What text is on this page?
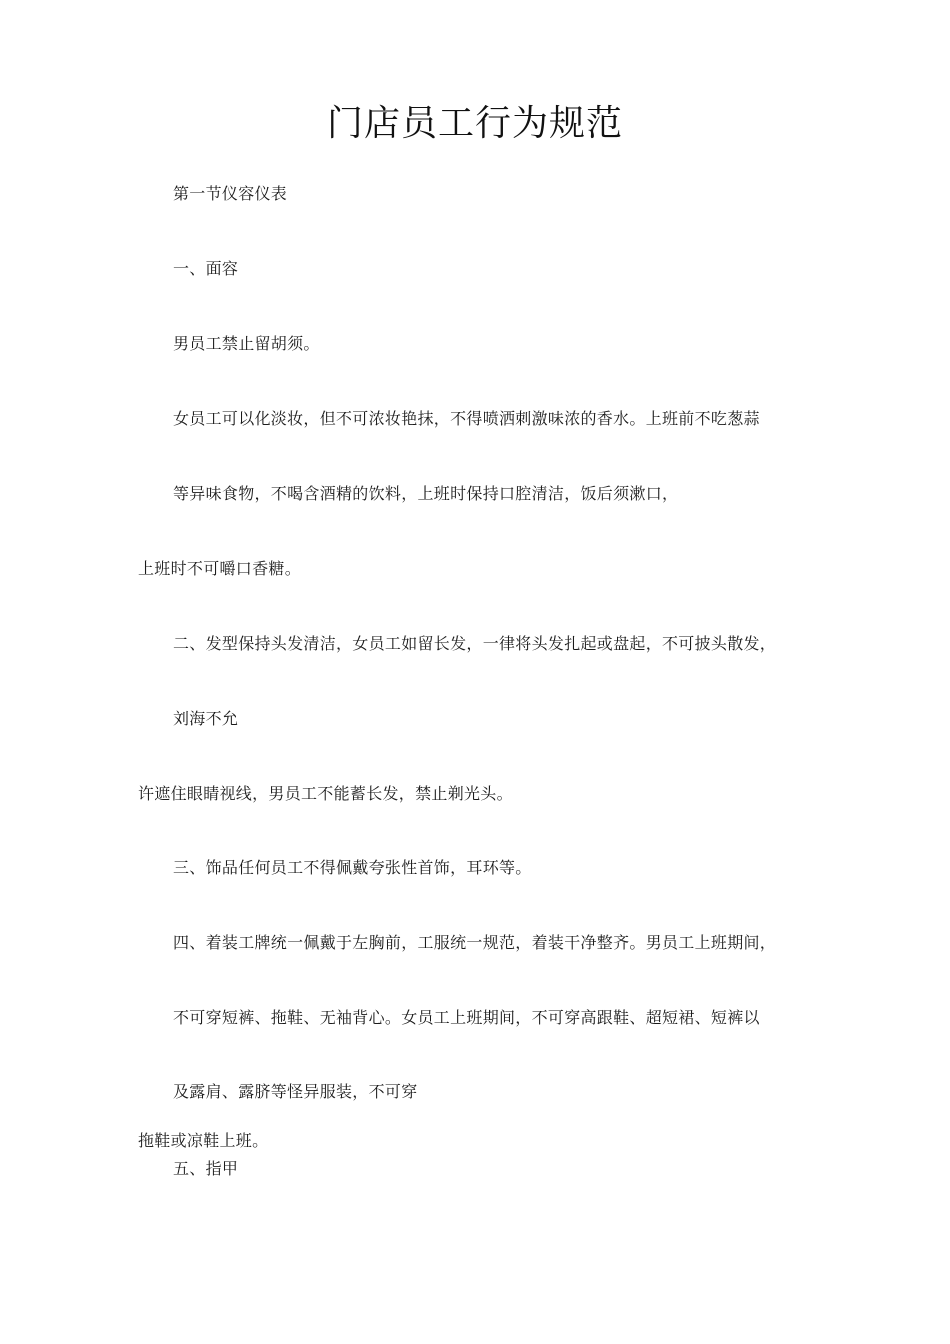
门店员工行为规范
第一节仪容仪表
一、面容
男员工禁止留胡须。
女员工可以化淡妆，但不可浓妆艳抹，不得喷洒刺激味浓的香水。上班前不吃葱蒜
等异味食物，不喝含酒精的饮料，上班时保持口腔清洁，饭后须漱口，
上班时不可嚼口香糖。
二、发型保持头发清洁，女员工如留长发，一律将头发扎起或盘起，不可披头散发，
刘海不允
许遮住眼睛视线，男员工不能蓄长发，禁止剃光头。
三、饰品任何员工不得佩戴夸张性首饰，耳环等。
四、着装工牌统一佩戴于左胸前，工服统一规范，着装干净整齐。男员工上班期间，
不可穿短裤、拖鞋、无袖背心。女员工上班期间，不可穿高跟鞋、超短裙、短裤以
及露肩、露脐等怪异服装，不可穿
拖鞋或凉鞋上班。
五、指甲
